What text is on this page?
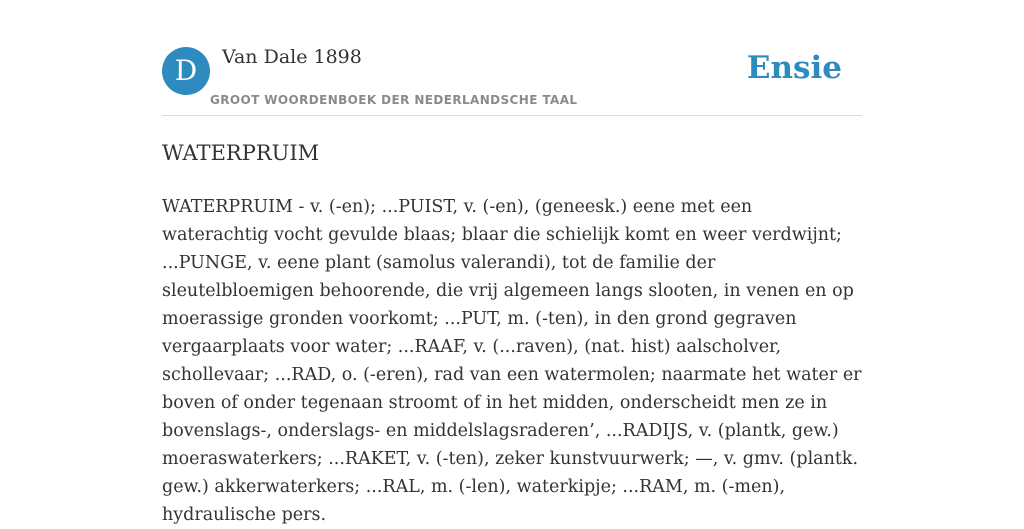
D	Van Dale 1898
GROOT WOORDENBOEK DER NEDERLANDSCHE TAAL
Ensie
WATERPRUIM

WATERPRUIM - v. (-en); ...PUIST, v. (-en), (geneesk.) eene met een waterachtig vocht gevulde blaas; blaar die schielijk komt en weer verdwijnt; ...PUNGE, v. eene plant (samolus valerandi), tot de familie der sleutelbloemigen behoorende, die vrij algemeen langs slooten, in venen en op moerassige gronden voorkomt; ...PUT, m. (-ten), in den grond gegraven vergaarplaats voor water; ...RAAF, v. (...raven), (nat. hist) aalscholver, schollevaar; ...RAD, o. (-eren), rad van een watermolen; naarmate het water er boven of onder tegenaan stroomt of in het midden, onderscheidt men ze in bovenslags-, onderslags- en middelslagsraderen’, ...RADIJS, v. (plantk, gew.) moeraswaterkers; ...RAKET, v. (-ten), zeker kunstvuurwerk; —, v. gmv. (plantk. gew.) akkerwaterkers; ...RAL, m. (-len), waterkipje; ...RAM, m. (-men), hydraulische pers.
